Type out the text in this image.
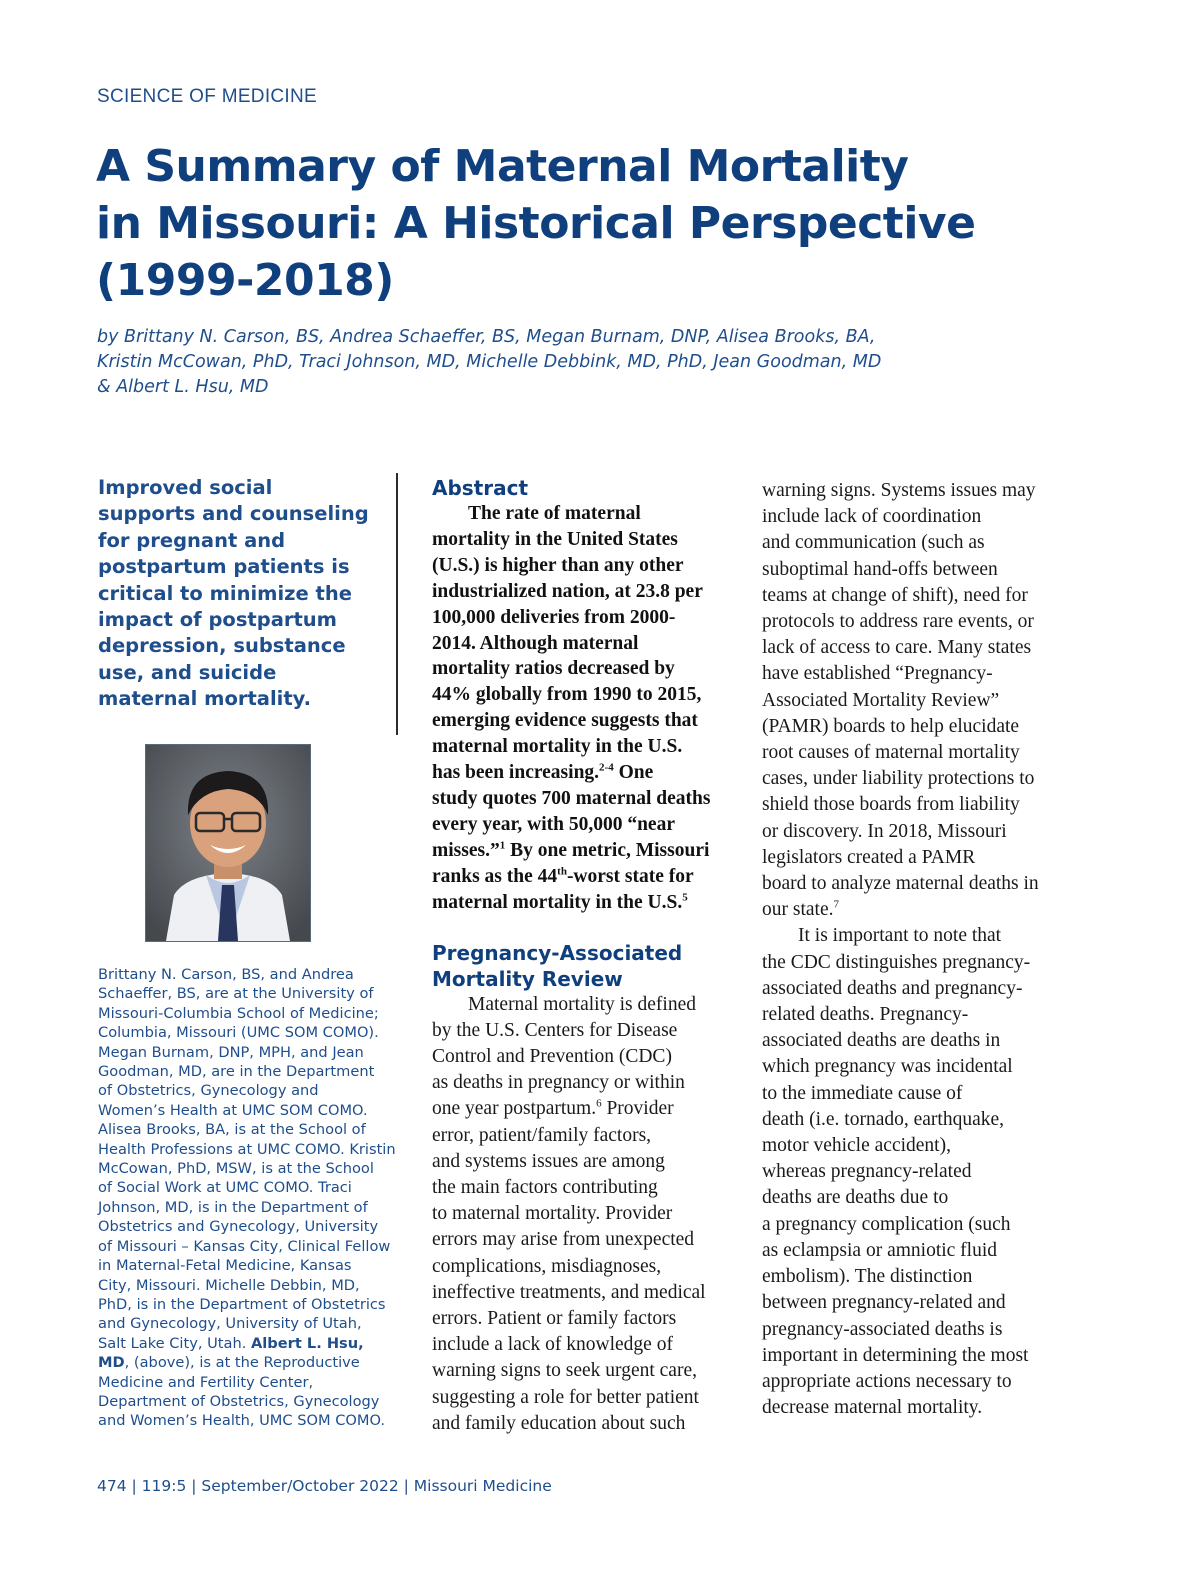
SCIENCE OF MEDICINE
A Summary of Maternal Mortality
in Missouri: A Historical Perspective
(1999-2018)
by Brittany N. Carson, BS, Andrea Schaeffer, BS, Megan Burnam, DNP, Alisea Brooks, BA,
Kristin McCowan, PhD, Traci Johnson, MD, Michelle Debbink, MD, PhD, Jean Goodman, MD
& Albert L. Hsu, MD
Improved social
supports and counseling
for pregnant and
postpartum patients is
critical to minimize the
impact of postpartum
depression, substance
use, and suicide
maternal mortality.
Brittany N. Carson, BS, and Andrea
Schaeffer, BS, are at the University of
Missouri-Columbia School of Medicine;
Columbia, Missouri (UMC SOM COMO).
Megan Burnam, DNP, MPH, and Jean
Goodman, MD, are in the Department
of Obstetrics, Gynecology and
Women’s Health at UMC SOM COMO.
Alisea Brooks, BA, is at the School of
Health Professions at UMC COMO. Kristin
McCowan, PhD, MSW, is at the School
of Social Work at UMC COMO. Traci
Johnson, MD, is in the Department of
Obstetrics and Gynecology, University
of Missouri – Kansas City, Clinical Fellow
in Maternal-Fetal Medicine, Kansas
City, Missouri. Michelle Debbin, MD,
PhD, is in the Department of Obstetrics
and Gynecology, University of Utah,
Salt Lake City, Utah. Albert L. Hsu,
MD, (above), is at the Reproductive
Medicine and Fertility Center,
Department of Obstetrics, Gynecology
and Women’s Health, UMC SOM COMO.
Abstract
The rate of maternal
mortality in the United States
(U.S.) is higher than any other
industrialized nation, at 23.8 per
100,000 deliveries from 2000-
2014. Although maternal
mortality ratios decreased by
44% globally from 1990 to 2015,
emerging evidence suggests that
maternal mortality in the U.S.
has been increasing.$^{2-4}$ One
study quotes 700 maternal deaths
every year, with 50,000 “near
misses.”$^1$ By one metric, Missouri
ranks as the 44th-worst state for
maternal mortality in the U.S.$^5$
Pregnancy-Associated
Mortality Review
Maternal mortality is defined
by the U.S. Centers for Disease
Control and Prevention (CDC)
as deaths in pregnancy or within
one year postpartum.$^6$ Provider
error, patient/family factors,
and systems issues are among
the main factors contributing
to maternal mortality. Provider
errors may arise from unexpected
complications, misdiagnoses,
ineffective treatments, and medical
errors. Patient or family factors
include a lack of knowledge of
warning signs to seek urgent care,
suggesting a role for better patient
and family education about such
warning signs. Systems issues may
include lack of coordination
and communication (such as
suboptimal hand-offs between
teams at change of shift), need for
protocols to address rare events, or
lack of access to care. Many states
have established “Pregnancy-
Associated Mortality Review”
(PAMR) boards to help elucidate
root causes of maternal mortality
cases, under liability protections to
shield those boards from liability
or discovery. In 2018, Missouri
legislators created a PAMR
board to analyze maternal deaths in
our state.$^7$
It is important to note that
the CDC distinguishes pregnancy-
associated deaths and pregnancy-
related deaths. Pregnancy-
associated deaths are deaths in
which pregnancy was incidental
to the immediate cause of
death (i.e. tornado, earthquake,
motor vehicle accident),
whereas pregnancy-related
deaths are deaths due to
a pregnancy complication (such
as eclampsia or amniotic fluid
embolism). The distinction
between pregnancy-related and
pregnancy-associated deaths is
important in determining the most
appropriate actions necessary to
decrease maternal mortality.
474 | 119:5 | September/October 2022 | Missouri Medicine
